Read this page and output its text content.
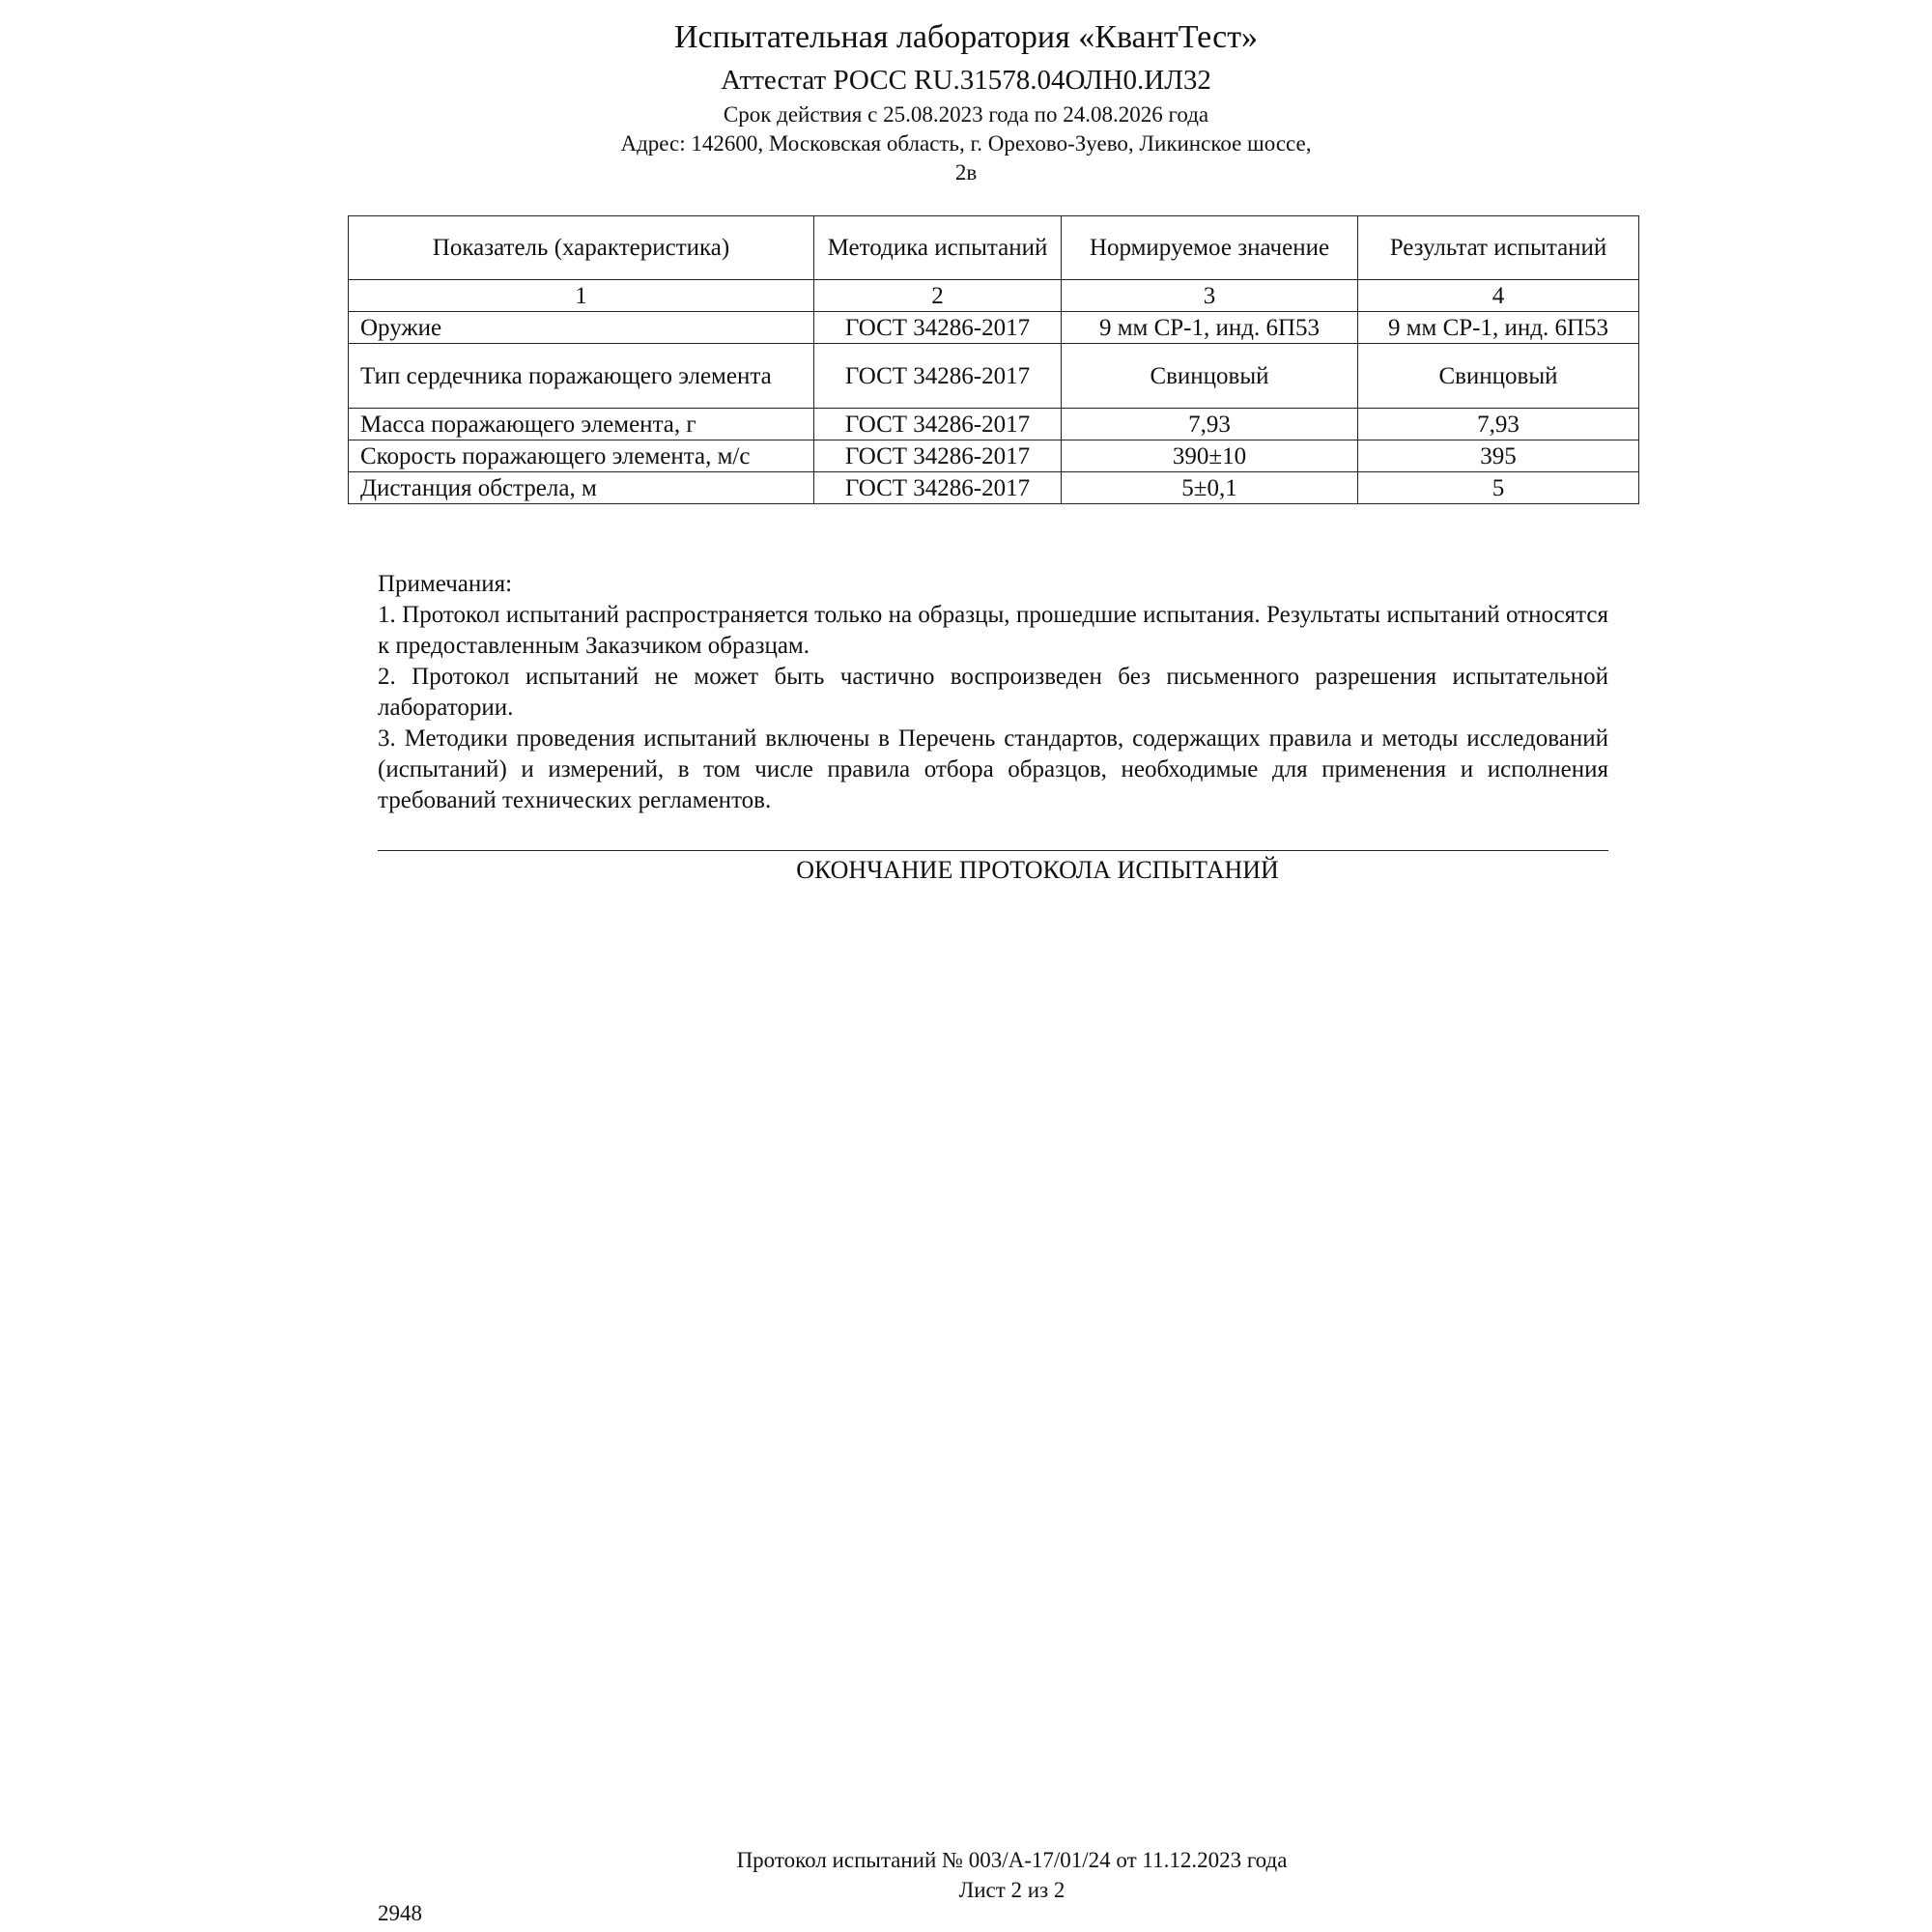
Испытательная лаборатория «КвантТест»
Аттестат РОСС RU.31578.04ОЛН0.ИЛ32
Срок действия с 25.08.2023 года по 24.08.2026 года
Адрес: 142600, Московская область, г. Орехово-Зуево, Ликинское шоссе,
2в
Показатель (характеристика)	Методика испытаний	Нормируемое значение	Результат испытаний
1	2	3	4
Оружие	ГОСТ 34286-2017	9 мм СР-1, инд. 6П53	9 мм СР-1, инд. 6П53
Тип сердечника поражающего элемента	ГОСТ 34286-2017	Свинцовый	Свинцовый
Масса поражающего элемента, г	ГОСТ 34286-2017	7,93	7,93
Скорость поражающего элемента, м/с	ГОСТ 34286-2017	390±10	395
Дистанция обстрела, м	ГОСТ 34286-2017	5±0,1	5

Примечания:

1. Протокол испытаний распространяется только на образцы, прошедшие испытания. Результаты испытаний относятся к предоставленным Заказчиком образцам.

2. Протокол испытаний не может быть частично воспроизведен без письменного разрешения испытательной лаборатории.

3. Методики проведения испытаний включены в Перечень стандартов, содержащих правила и методы исследований (испытаний) и измерений, в том числе правила отбора образцов, необходимые для применения и исполнения требований технических регламентов.

ОКОНЧАНИЕ ПРОТОКОЛА ИСПЫТАНИЙ
Протокол испытаний № 003/А-17/01/24 от 11.12.2023 года
Лист 2 из 2
2948
